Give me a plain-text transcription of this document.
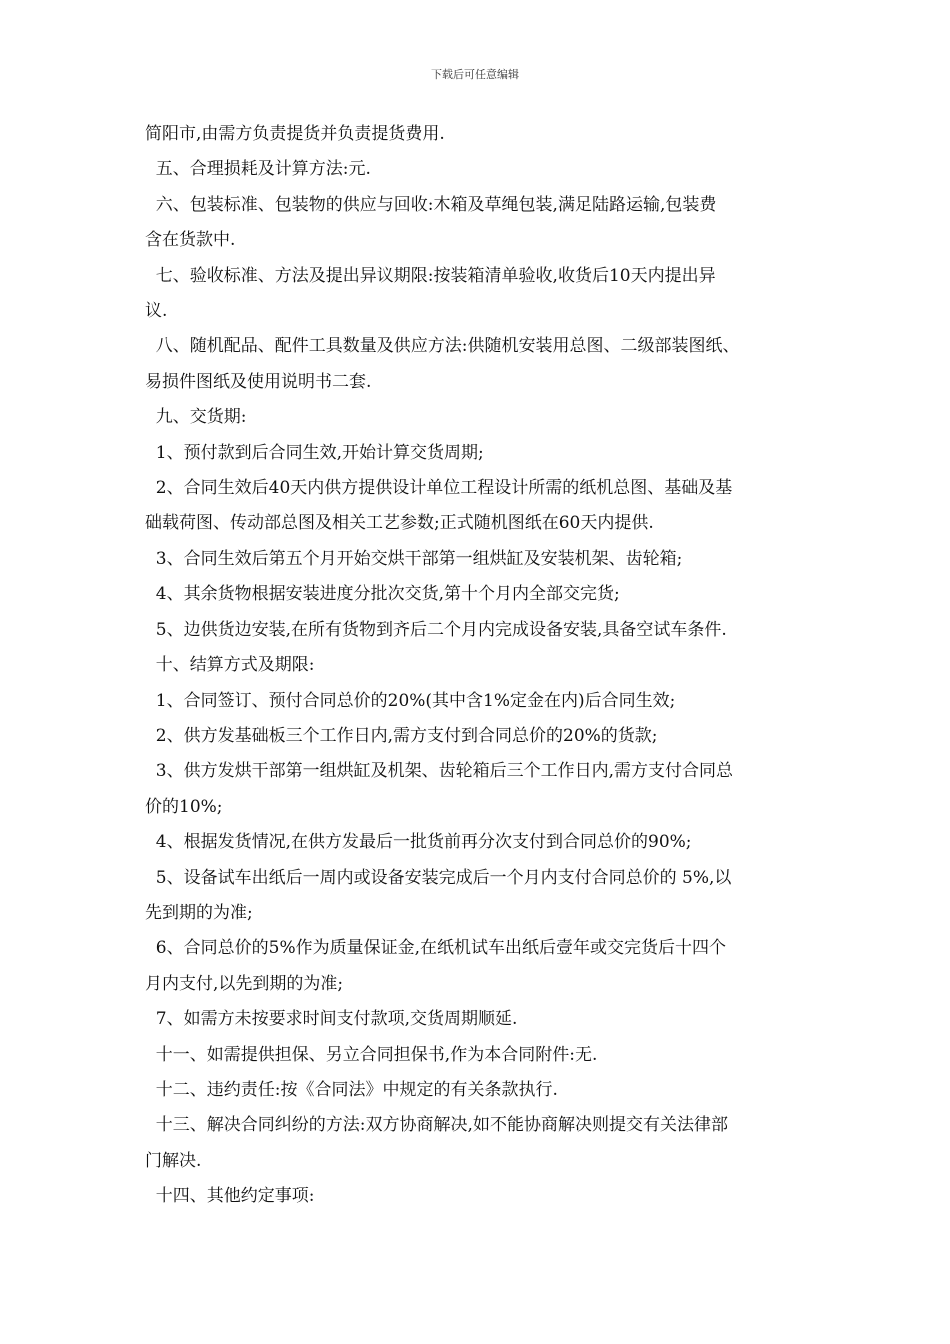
下载后可任意编辑

简阳市,由需方负责提货并负责提货费用.

五、合理损耗及计算方法:元.

六、包装标准、包装物的供应与回收:木箱及草绳包装,满足陆路运输,包装费

含在货款中.

七、验收标准、方法及提出异议期限:按装箱清单验收,收货后10天内提出异

议.

八、随机配品、配件工具数量及供应方法:供随机安装用总图、二级部装图纸、

易损件图纸及使用说明书二套.

九、交货期:

1、预付款到后合同生效,开始计算交货周期;

2、合同生效后40天内供方提供设计单位工程设计所需的纸机总图、基础及基

础载荷图、传动部总图及相关工艺参数;正式随机图纸在60天内提供.

3、合同生效后第五个月开始交烘干部第一组烘缸及安装机架、齿轮箱;

4、其余货物根据安装进度分批次交货,第十个月内全部交完货;

5、边供货边安装,在所有货物到齐后二个月内完成设备安装,具备空试车条件.

十、结算方式及期限:

1、合同签订、预付合同总价的20%(其中含1%定金在内)后合同生效;

2、供方发基础板三个工作日内,需方支付到合同总价的20%的货款;

3、供方发烘干部第一组烘缸及机架、齿轮箱后三个工作日内,需方支付合同总

价的10%;

4、根据发货情况,在供方发最后一批货前再分次支付到合同总价的90%;

5、设备试车出纸后一周内或设备安装完成后一个月内支付合同总价的 5%,以

先到期的为准;

6、合同总价的5%作为质量保证金,在纸机试车出纸后壹年或交完货后十四个

月内支付,以先到期的为准;

7、如需方未按要求时间支付款项,交货周期顺延.

十一、如需提供担保、另立合同担保书,作为本合同附件:无.

十二、违约责任:按《合同法》中规定的有关条款执行.

十三、解决合同纠纷的方法:双方协商解决,如不能协商解决则提交有关法律部

门解决.

十四、其他约定事项:
